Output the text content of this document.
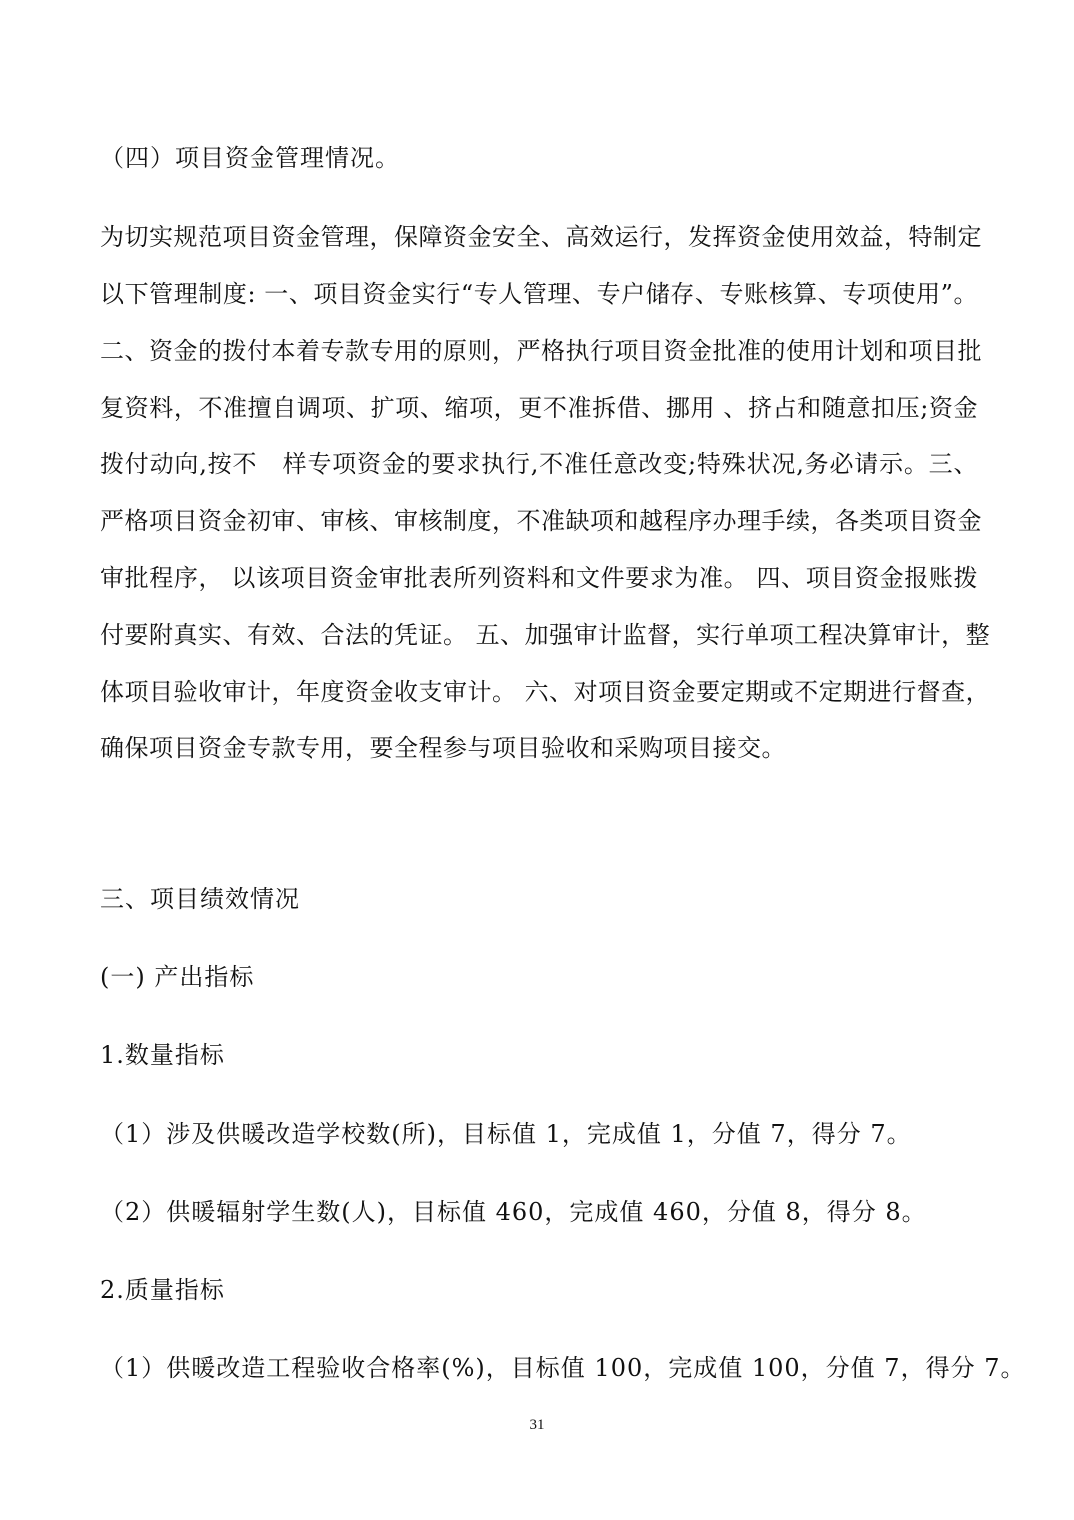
（四）项目资金管理情况。
为切实规范项目资金管理，保障资金安全、高效运行，发挥资金使用效益，特制定
以下管理制度: 一、项目资金实行“专人管理、专户储存、专账核算、专项使用”。
二、资金的拨付本着专款专用的原则，严格执行项目资金批准的使用计划和项目批
复资料，不准擅自调项、扩项、缩项，更不准拆借、挪用 、挤占和随意扣压;资金
拨付动向,按不   样专项资金的要求执行,不准任意改变;特殊状况,务必请示。三、
严格项目资金初审、审核、审核制度，不准缺项和越程序办理手续，各类项目资金
审批程序， 以该项目资金审批表所列资料和文件要求为准。 四、项目资金报账拨
付要附真实、有效、合法的凭证。 五、加强审计监督，实行单项工程决算审计，整
体项目验收审计，年度资金收支审计。 六、对项目资金要定期或不定期进行督查，
确保项目资金专款专用，要全程参与项目验收和采购项目接交。
三、项目绩效情况
(一) 产出指标
1.数量指标
（1）涉及供暖改造学校数(所)，目标值 1，完成值 1，分值 7，得分 7。
（2）供暖辐射学生数(人)，目标值 460，完成值 460，分值 8，得分 8。
2.质量指标
（1）供暖改造工程验收合格率(%)，目标值 100，完成值 100，分值 7，得分 7。
31
